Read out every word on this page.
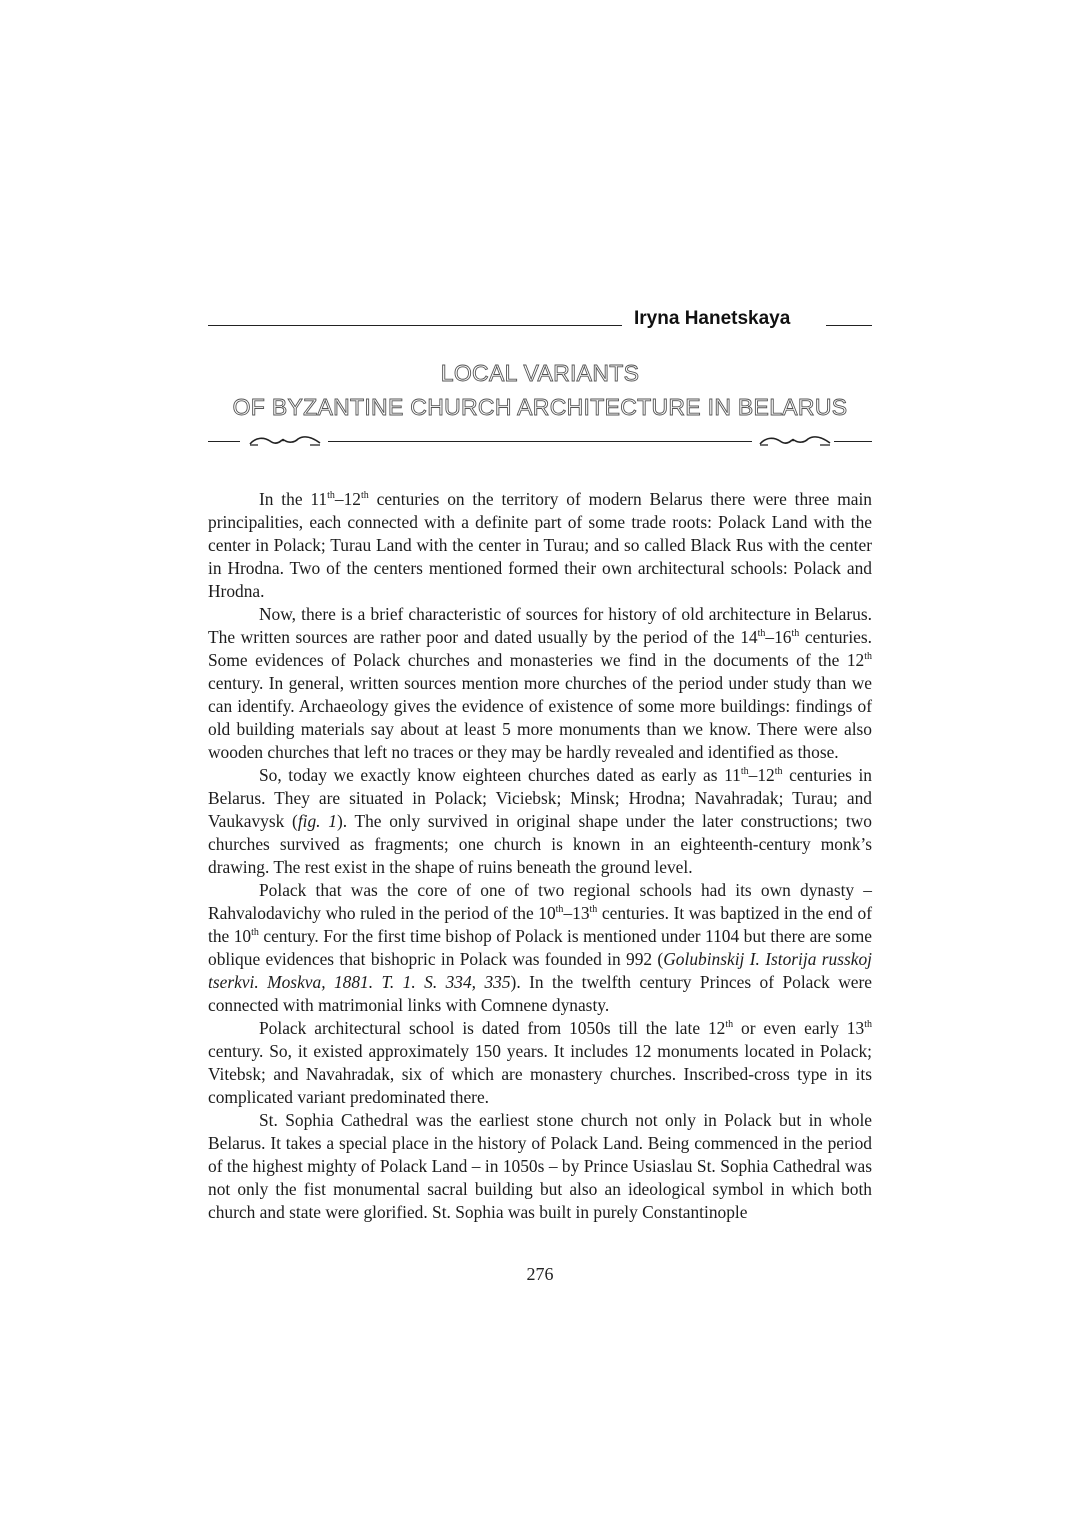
Iryna Hanetskaya
LOCAL VARIANTS
OF BYZANTINE CHURCH ARCHITECTURE IN BELARUS

In the 11th–12th centuries on the territory of modern Belarus there were three main principalities, each connected with a definite part of some trade roots: Polack Land with the center in Polack; Turau Land with the center in Turau; and so called Black Rus with the center in Hrodna. Two of the centers mentioned formed their own architectural schools: Polack and Hrodna.

Now, there is a brief characteristic of sources for history of old architecture in Belarus. The written sources are rather poor and dated usually by the period of the 14th–16th centuries. Some evidences of Polack churches and monasteries we find in the documents of the 12th century. In general, written sources mention more churches of the period under study than we can identify. Archaeology gives the evidence of existence of some more buildings: findings of old building materials say about at least 5 more monuments than we know. There were also wooden churches that left no traces or they may be hardly revealed and identified as those.

So, today we exactly know eighteen churches dated as early as 11th–12th centuries in Belarus. They are situated in Polack; Viciebsk; Minsk; Hrodna; Navahradak; Turau; and Vaukavysk (fig. 1). The only survived in original shape under the later constructions; two churches survived as fragments; one church is known in an eighteenth-century monk’s drawing. The rest exist in the shape of ruins beneath the ground level.

Polack that was the core of one of two regional schools had its own dynasty – Rahvalodavichy who ruled in the period of the 10th–13th centuries. It was baptized in the end of the 10th century. For the first time bishop of Polack is mentioned under 1104 but there are some oblique evidences that bishopric in Polack was founded in 992 (Golubinskij I. Istorija russkoj tserkvi. Moskva, 1881. T. 1. S. 334, 335). In the twelfth century Princes of Polack were connected with matrimonial links with Comnene dynasty.

Polack architectural school is dated from 1050s till the late 12th or even early 13th century. So, it existed approximately 150 years. It includes 12 monuments located in Polack; Vitebsk; and Navahradak, six of which are monastery churches. Inscribed-cross type in its complicated variant predominated there.

St. Sophia Cathedral was the earliest stone church not only in Polack but in whole Belarus. It takes a special place in the history of Polack Land. Being commenced in the period of the highest mighty of Polack Land – in 1050s – by Prince Usiaslau St. Sophia Cathedral was not only the fist monumental sacral building but also an ideological symbol in which both church and state were glorified. St. Sophia was built in purely Constantinople

276
